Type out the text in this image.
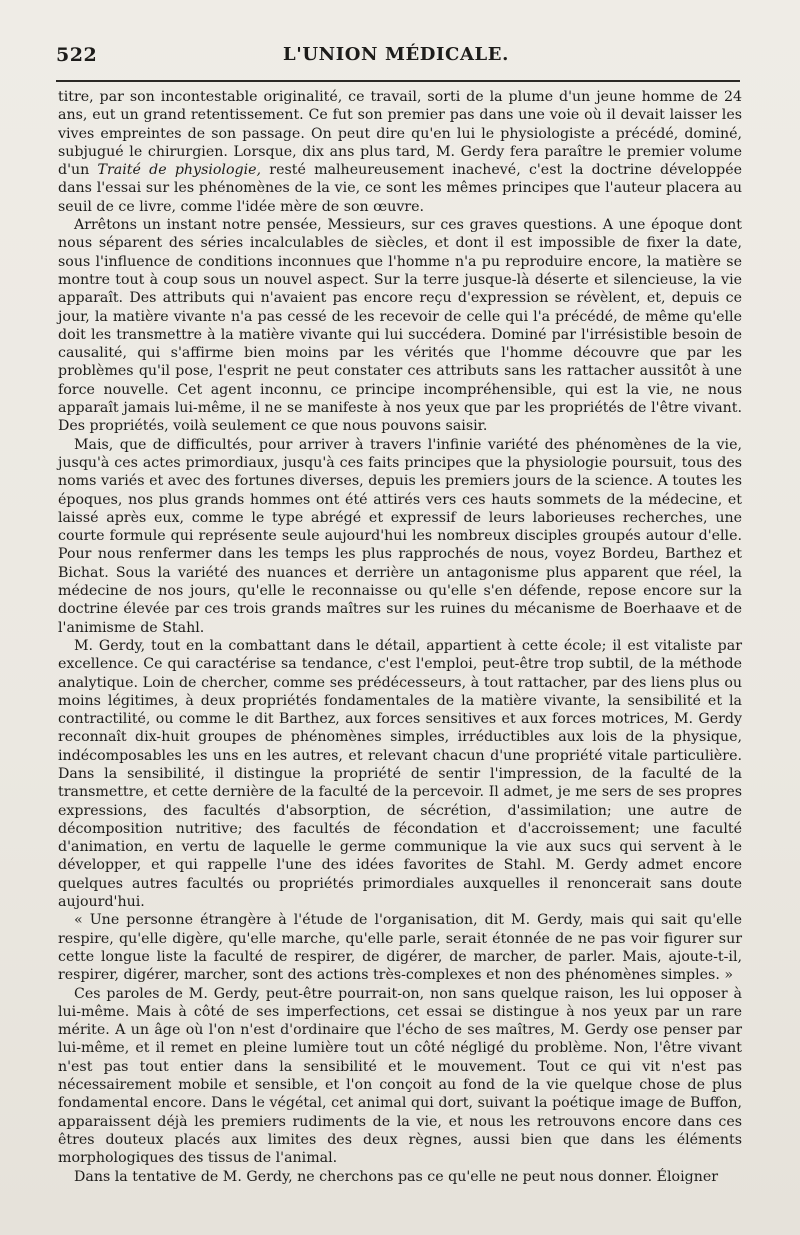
522	L'UNION MÉDICALE.

titre, par son incontestable originalité, ce travail, sorti de la plume d'un jeune homme de 24 ans, eut un grand retentissement. Ce fut son premier pas dans une voie où il devait laisser les vives empreintes de son passage. On peut dire qu'en lui le physiologiste a précédé, dominé, subjugué le chirurgien. Lorsque, dix ans plus tard, M. Gerdy fera paraître le premier volume d'un Traité de physiologie, resté malheureusement inachevé, c'est la doctrine développée dans l'essai sur les phénomènes de la vie, ce sont les mêmes principes que l'auteur placera au seuil de ce livre, comme l'idée mère de son œuvre.

Arrêtons un instant notre pensée, Messieurs, sur ces graves questions. A une époque dont nous séparent des séries incalculables de siècles, et dont il est impossible de fixer la date, sous l'influence de conditions inconnues que l'homme n'a pu reproduire encore, la matière se montre tout à coup sous un nouvel aspect. Sur la terre jusque-là déserte et silencieuse, la vie apparaît. Des attributs qui n'avaient pas encore reçu d'expression se révèlent, et, depuis ce jour, la matière vivante n'a pas cessé de les recevoir de celle qui l'a précédé, de même qu'elle doit les transmettre à la matière vivante qui lui succédera. Dominé par l'irrésistible besoin de causalité, qui s'affirme bien moins par les vérités que l'homme découvre que par les problèmes qu'il pose, l'esprit ne peut constater ces attributs sans les rattacher aussitôt à une force nouvelle. Cet agent inconnu, ce principe incompréhensible, qui est la vie, ne nous apparaît jamais lui-même, il ne se manifeste à nos yeux que par les propriétés de l'être vivant. Des propriétés, voilà seulement ce que nous pouvons saisir.

Mais, que de difficultés, pour arriver à travers l'infinie variété des phénomènes de la vie, jusqu'à ces actes primordiaux, jusqu'à ces faits principes que la physiologie poursuit, tous des noms variés et avec des fortunes diverses, depuis les premiers jours de la science. A toutes les époques, nos plus grands hommes ont été attirés vers ces hauts sommets de la médecine, et laissé après eux, comme le type abrégé et expressif de leurs laborieuses recherches, une courte formule qui représente seule aujourd'hui les nombreux disciples groupés autour d'elle. Pour nous renfermer dans les temps les plus rapprochés de nous, voyez Bordeu, Barthez et Bichat. Sous la variété des nuances et derrière un antagonisme plus apparent que réel, la médecine de nos jours, qu'elle le reconnaisse ou qu'elle s'en défende, repose encore sur la doctrine élevée par ces trois grands maîtres sur les ruines du mécanisme de Boerhaave et de l'animisme de Stahl.

M. Gerdy, tout en la combattant dans le détail, appartient à cette école; il est vitaliste par excellence. Ce qui caractérise sa tendance, c'est l'emploi, peut-être trop subtil, de la méthode analytique. Loin de chercher, comme ses prédécesseurs, à tout rattacher, par des liens plus ou moins légitimes, à deux propriétés fondamentales de la matière vivante, la sensibilité et la contractilité, ou comme le dit Barthez, aux forces sensitives et aux forces motrices, M. Gerdy reconnaît dix-huit groupes de phénomènes simples, irréductibles aux lois de la physique, indécomposables les uns en les autres, et relevant chacun d'une propriété vitale particulière. Dans la sensibilité, il distingue la propriété de sentir l'impression, de la faculté de la transmettre, et cette dernière de la faculté de la percevoir. Il admet, je me sers de ses propres expressions, des facultés d'absorption, de sécrétion, d'assimilation; une autre de décomposition nutritive; des facultés de fécondation et d'accroissement; une faculté d'animation, en vertu de laquelle le germe communique la vie aux sucs qui servent à le développer, et qui rappelle l'une des idées favorites de Stahl. M. Gerdy admet encore quelques autres facultés ou propriétés primordiales auxquelles il renoncerait sans doute aujourd'hui.

« Une personne étrangère à l'étude de l'organisation, dit M. Gerdy, mais qui sait qu'elle respire, qu'elle digère, qu'elle marche, qu'elle parle, serait étonnée de ne pas voir figurer sur cette longue liste la faculté de respirer, de digérer, de marcher, de parler. Mais, ajoute-t-il, respirer, digérer, marcher, sont des actions très-complexes et non des phénomènes simples. »

Ces paroles de M. Gerdy, peut-être pourrait-on, non sans quelque raison, les lui opposer à lui-même. Mais à côté de ses imperfections, cet essai se distingue à nos yeux par un rare mérite. A un âge où l'on n'est d'ordinaire que l'écho de ses maîtres, M. Gerdy ose penser par lui-même, et il remet en pleine lumière tout un côté négligé du problème. Non, l'être vivant n'est pas tout entier dans la sensibilité et le mouvement. Tout ce qui vit n'est pas nécessairement mobile et sensible, et l'on conçoit au fond de la vie quelque chose de plus fondamental encore. Dans le végétal, cet animal qui dort, suivant la poétique image de Buffon, apparaissent déjà les premiers rudiments de la vie, et nous les retrouvons encore dans ces êtres douteux placés aux limites des deux règnes, aussi bien que dans les éléments morphologiques des tissus de l'animal.

Dans la tentative de M. Gerdy, ne cherchons pas ce qu'elle ne peut nous donner. Éloigner
